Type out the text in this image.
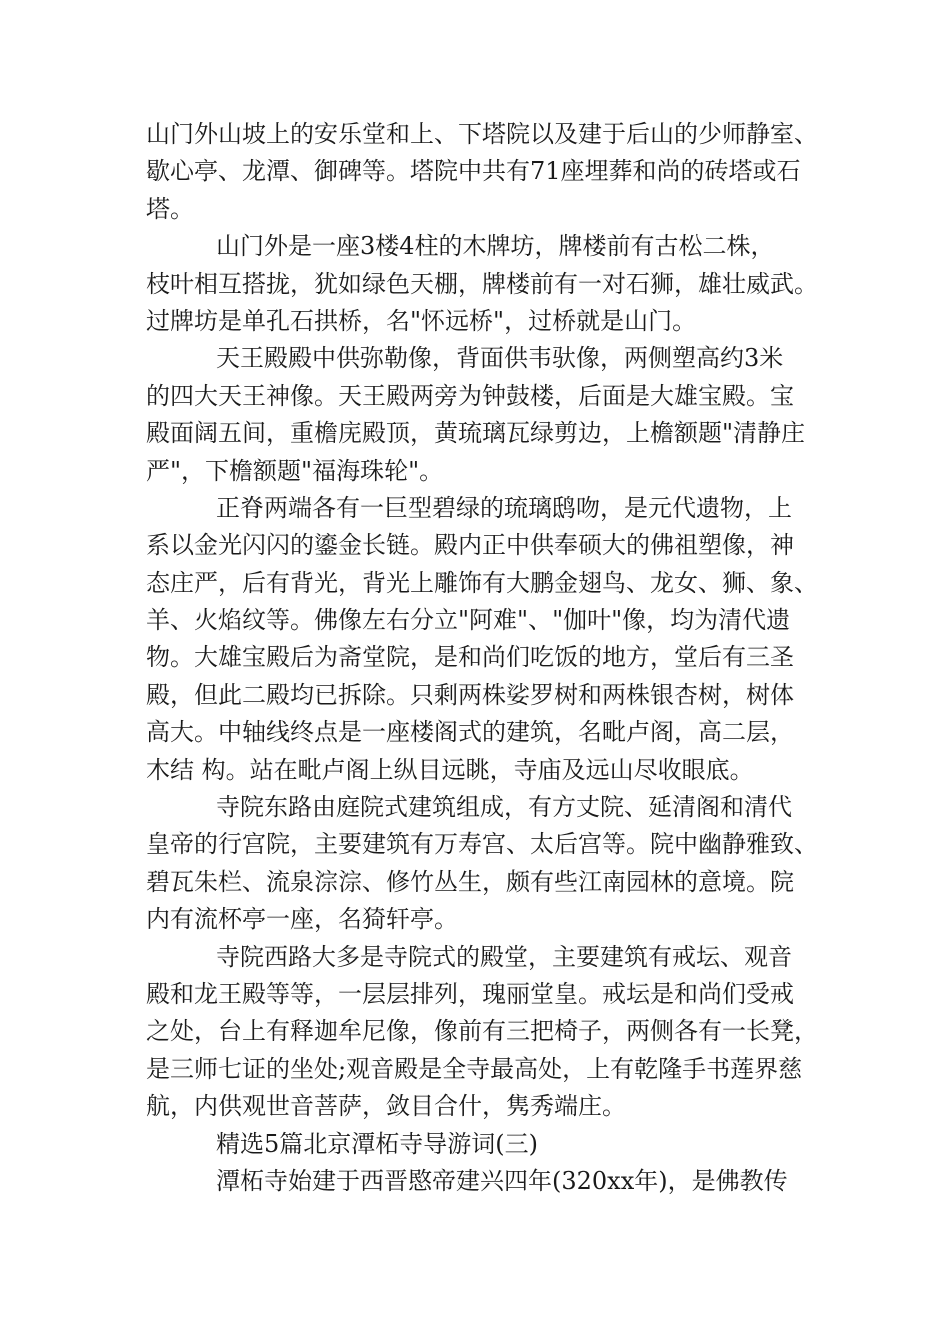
山门外山坡上的安乐堂和上、下塔院以及建于后山的少师静室、
歇心亭、龙潭、御碑等。塔院中共有71座埋葬和尚的砖塔或石
塔。
山门外是一座3楼4柱的木牌坊，牌楼前有古松二株，
枝叶相互搭拢，犹如绿色天棚，牌楼前有一对石狮，雄壮威武。
过牌坊是单孔石拱桥，名"怀远桥"，过桥就是山门。
天王殿殿中供弥勒像，背面供韦驮像，两侧塑高约3米
的四大天王神像。天王殿两旁为钟鼓楼，后面是大雄宝殿。宝
殿面阔五间，重檐庑殿顶，黄琉璃瓦绿剪边，上檐额题"清静庄
严"，下檐额题"福海珠轮"。
正脊两端各有一巨型碧绿的琉璃鸱吻，是元代遗物，上
系以金光闪闪的鎏金长链。殿内正中供奉硕大的佛祖塑像，神
态庄严，后有背光，背光上雕饰有大鹏金翅鸟、龙女、狮、象、
羊、火焰纹等。佛像左右分立"阿难"、"伽叶"像，均为清代遗
物。大雄宝殿后为斋堂院，是和尚们吃饭的地方，堂后有三圣
殿，但此二殿均已拆除。只剩两株娑罗树和两株银杏树，树体
高大。中轴线终点是一座楼阁式的建筑，名毗卢阁，高二层，
木结 构。站在毗卢阁上纵目远眺，寺庙及远山尽收眼底。
寺院东路由庭院式建筑组成，有方丈院、延清阁和清代
皇帝的行宫院，主要建筑有万寿宫、太后宫等。院中幽静雅致、
碧瓦朱栏、流泉淙淙、修竹丛生，颇有些江南园林的意境。院
内有流杯亭一座，名猗轩亭。
寺院西路大多是寺院式的殿堂，主要建筑有戒坛、观音
殿和龙王殿等等，一层层排列，瑰丽堂皇。戒坛是和尚们受戒
之处，台上有释迦牟尼像，像前有三把椅子，两侧各有一长凳，
是三师七证的坐处;观音殿是全寺最高处，上有乾隆手书莲界慈
航，内供观世音菩萨，敛目合什，隽秀端庄。
精选5篇北京潭柘寺导游词(三)
潭柘寺始建于西晋愍帝建兴四年(320xx年)，是佛教传
